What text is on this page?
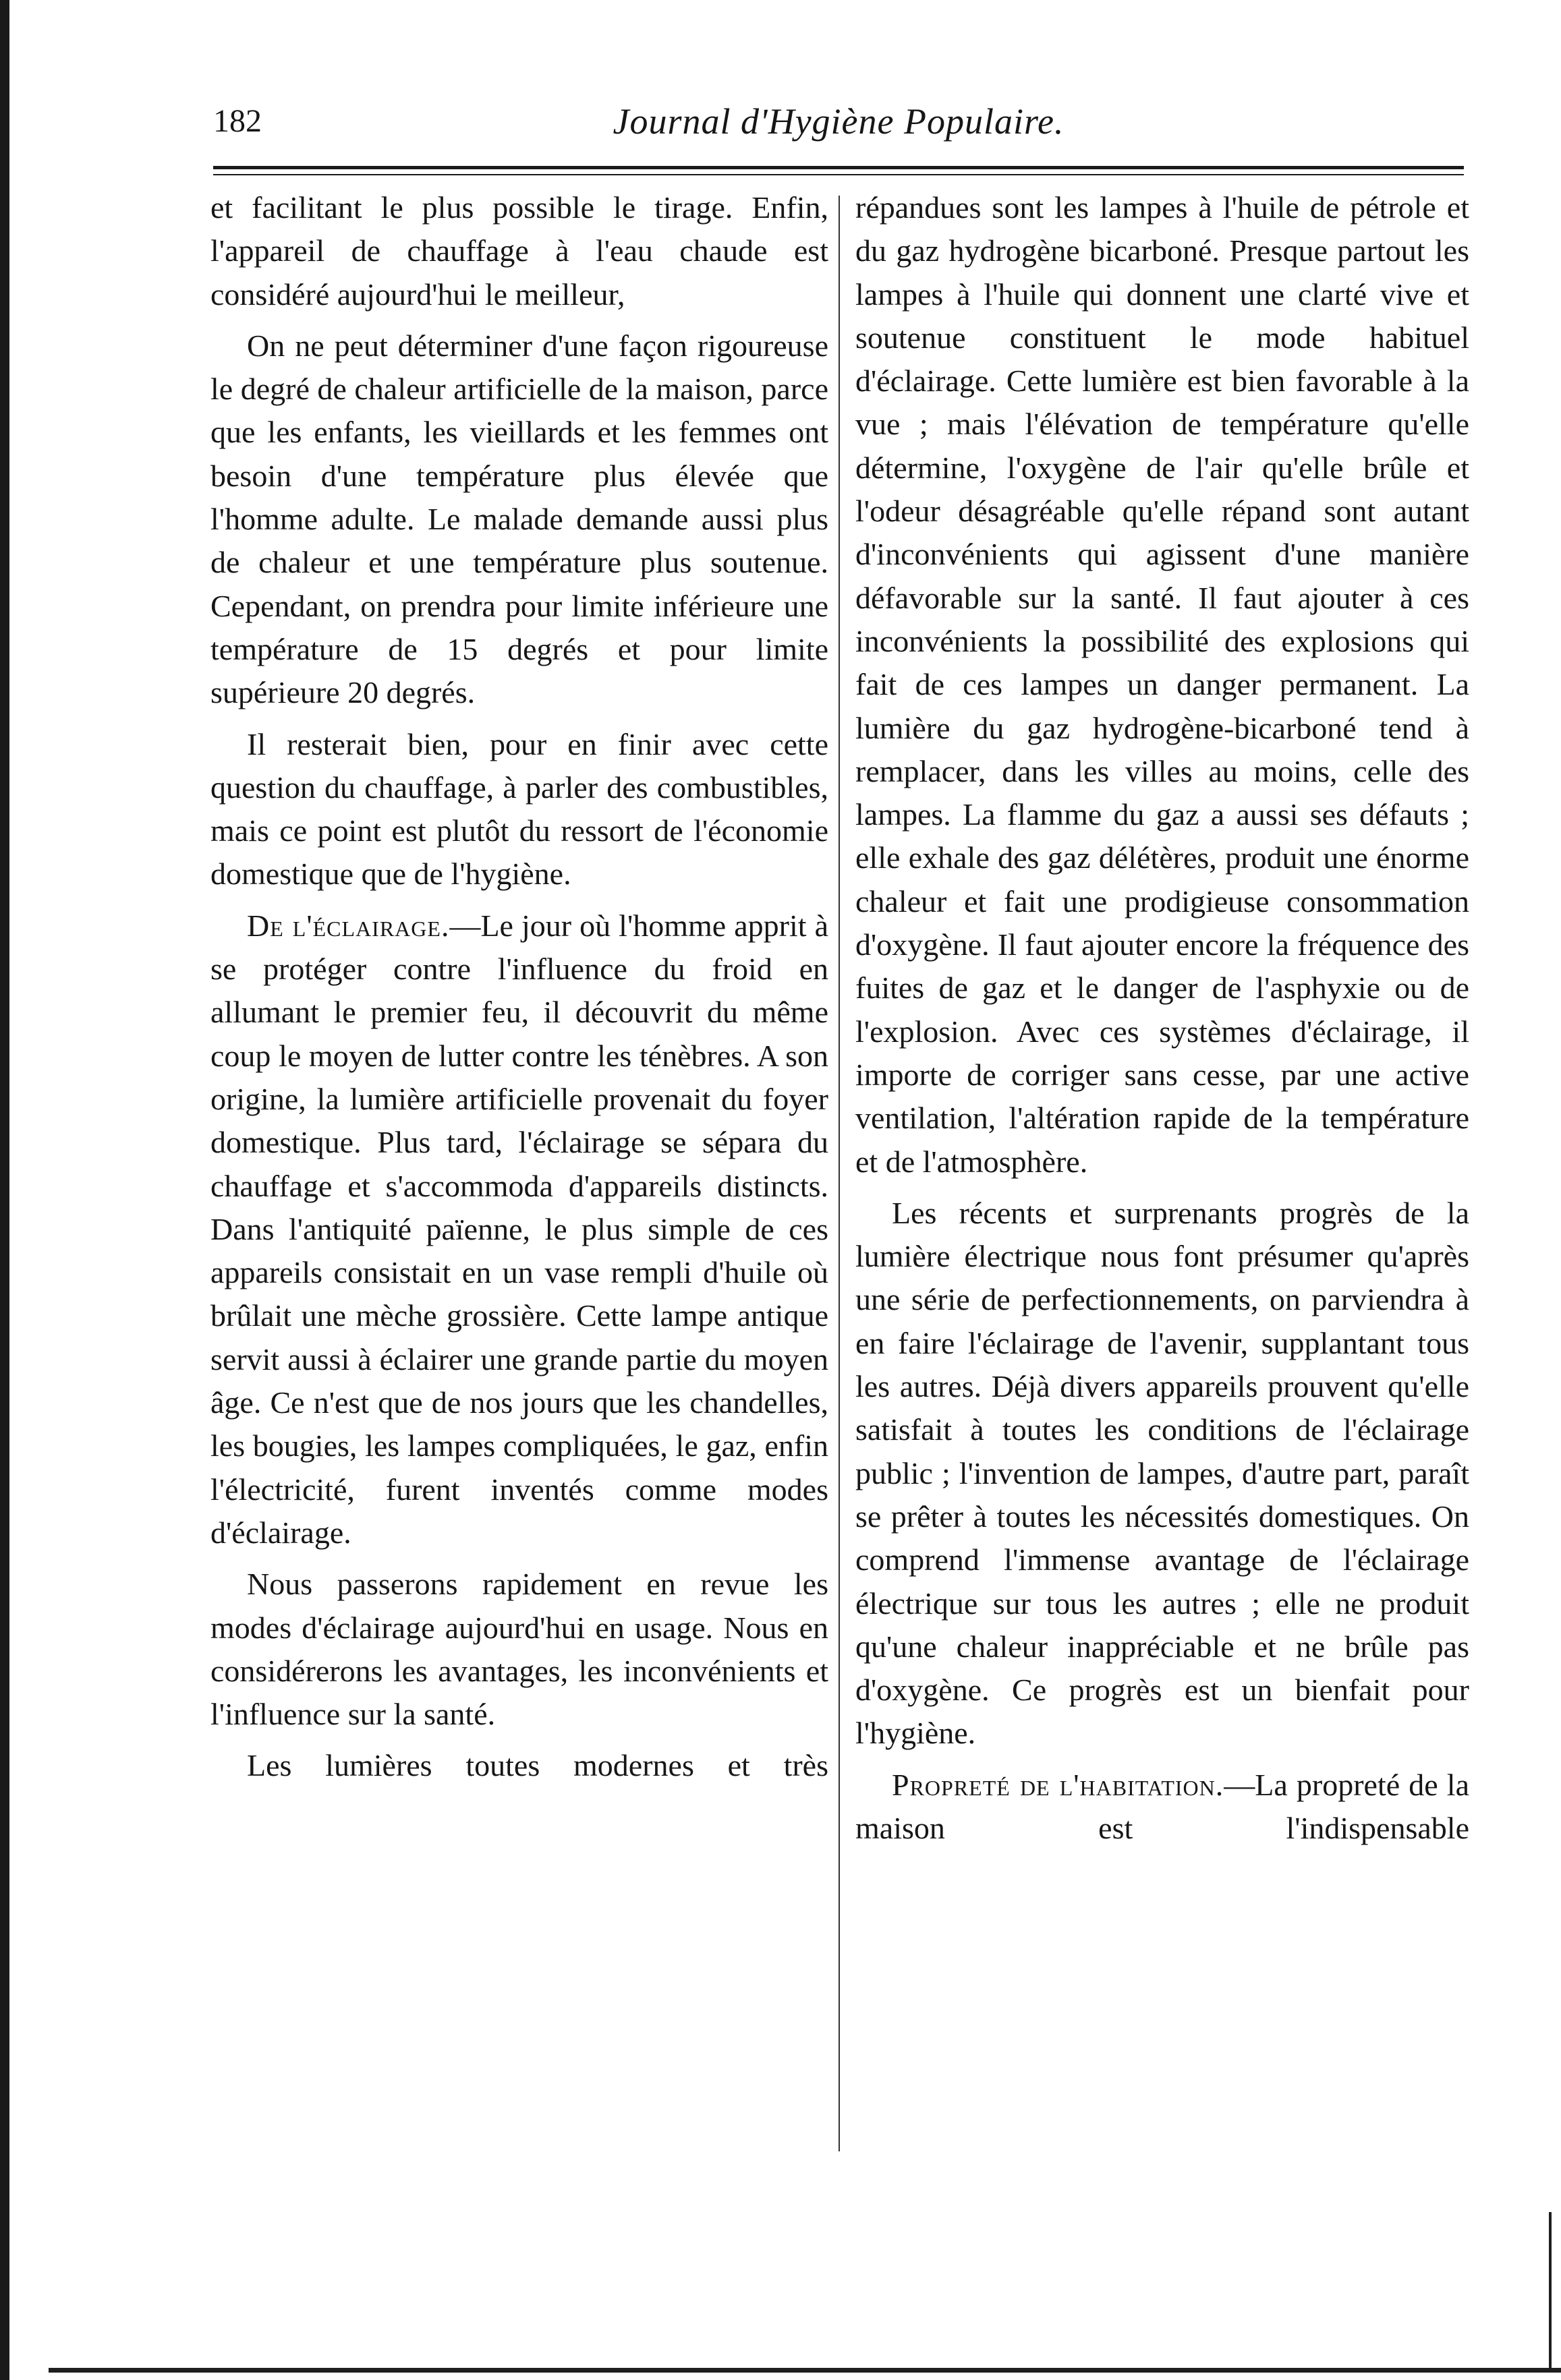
182	Journal d'Hygiène Populaire.

et facilitant le plus possible le tirage. Enfin, l'appareil de chauffage à l'eau chaude est considéré aujourd'hui le meilleur,

On ne peut déterminer d'une façon rigoureuse le degré de chaleur artificielle de la maison, parce que les enfants, les vieillards et les femmes ont besoin d'une température plus élevée que l'homme adulte. Le malade demande aussi plus de chaleur et une température plus soutenue. Cependant, on prendra pour limite inférieure une température de 15 degrés et pour limite supérieure 20 degrés.

Il resterait bien, pour en finir avec cette question du chauffage, à parler des combustibles, mais ce point est plutôt du ressort de l'économie domestique que de l'hygiène.

De l'éclairage.—Le jour où l'homme apprit à se protéger contre l'influence du froid en allumant le premier feu, il découvrit du même coup le moyen de lutter contre les ténèbres. A son origine, la lumière artificielle provenait du foyer domestique. Plus tard, l'éclairage se sépara du chauffage et s'accommoda d'appareils distincts. Dans l'antiquité païenne, le plus simple de ces appareils consistait en un vase rempli d'huile où brûlait une mèche grossière. Cette lampe antique servit aussi à éclairer une grande partie du moyen âge. Ce n'est que de nos jours que les chandelles, les bougies, les lampes compliquées, le gaz, enfin l'électricité, furent inventés comme modes d'éclairage.

Nous passerons rapidement en revue les modes d'éclairage aujourd'hui en usage. Nous en considérerons les avantages, les inconvénients et l'influence sur la santé.

Les lumières toutes modernes et très

répandues sont les lampes à l'huile de pétrole et du gaz hydrogène bicarboné. Presque partout les lampes à l'huile qui donnent une clarté vive et soutenue constituent le mode habituel d'éclairage. Cette lumière est bien favorable à la vue ; mais l'élévation de température qu'elle détermine, l'oxygène de l'air qu'elle brûle et l'odeur désagréable qu'elle répand sont autant d'inconvénients qui agissent d'une manière défavorable sur la santé. Il faut ajouter à ces inconvénients la possibilité des explosions qui fait de ces lampes un danger permanent. La lumière du gaz hydrogène-bicarboné tend à remplacer, dans les villes au moins, celle des lampes. La flamme du gaz a aussi ses défauts ; elle exhale des gaz délétères, produit une énorme chaleur et fait une prodigieuse consommation d'oxygène. Il faut ajouter encore la fréquence des fuites de gaz et le danger de l'asphyxie ou de l'explosion. Avec ces systèmes d'éclairage, il importe de corriger sans cesse, par une active ventilation, l'altération rapide de la température et de l'atmosphère.

Les récents et surprenants progrès de la lumière électrique nous font présumer qu'après une série de perfectionnements, on parviendra à en faire l'éclairage de l'avenir, supplantant tous les autres. Déjà divers appareils prouvent qu'elle satisfait à toutes les conditions de l'éclairage public ; l'invention de lampes, d'autre part, paraît se prêter à toutes les nécessités domestiques. On comprend l'immense avantage de l'éclairage électrique sur tous les autres ; elle ne produit qu'une chaleur inappréciable et ne brûle pas d'oxygène. Ce progrès est un bienfait pour l'hygiène.

Propreté de l'habitation.—La propreté de la maison est l'indispensable
